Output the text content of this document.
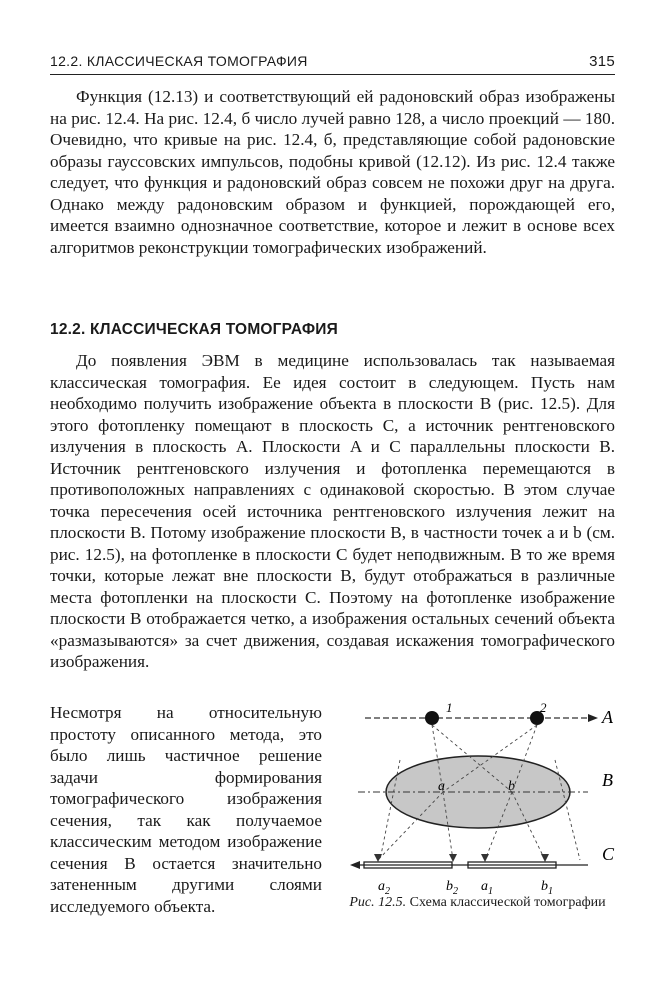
12.2. КЛАССИЧЕСКАЯ ТОМОГРАФИЯ	315

Функция (12.13) и соответствующий ей радоновский образ изображены на рис. 12.4. На рис. 12.4, б число лучей равно 128, а число проекций — 180. Очевидно, что кривые на рис. 12.4, б, представляющие собой радоновские образы гауссовских импульсов, подобны кривой (12.12). Из рис. 12.4 также следует, что функция и радоновский образ совсем не похожи друг на друга. Однако между радоновским образом и функцией, порождающей его, имеется взаимно однозначное соответствие, которое и лежит в основе всех алгоритмов реконструкции томографических изображений.

12.2. КЛАССИЧЕСКАЯ ТОМОГРАФИЯ

До появления ЭВМ в медицине использовалась так называемая классическая томография. Ее идея состоит в следующем. Пусть нам необходимо получить изображение объекта в плоскости B (рис. 12.5). Для этого фотопленку помещают в плоскость C, а источник рентгеновского излучения в плоскость A. Плоскости A и C параллельны плоскости B. Источник рентгеновского излучения и фотопленка перемещаются в противоположных направлениях с одинаковой скоростью. В этом случае точка пересечения осей источника рентгеновского излучения лежит на плоскости B. Потому изображение плоскости B, в частности точек a и b (см. рис. 12.5), на фотопленке в плоскости C будет неподвижным. В то же время точки, которые лежат вне плоскости B, будут отображаться в различные места фотопленки на плоскости C. Поэтому на фотопленке изображение плоскости B отображается четко, а изображения остальных сечений объекта «размазываются» за счет движения, создавая искажения томографического изображения.

Несмотря на относительную простоту описанного метода, это было лишь частичное решение задачи формирования томографического изображения сечения, так как получаемое классическим методом изображение сечения B остается значительно затененным другими слоями исследуемого объекта.

1	2	A
B
a	b
C
$a_2$	$b_2$ $a_1$	$b_1$
Рис. 12.5. Схема классической томографии
